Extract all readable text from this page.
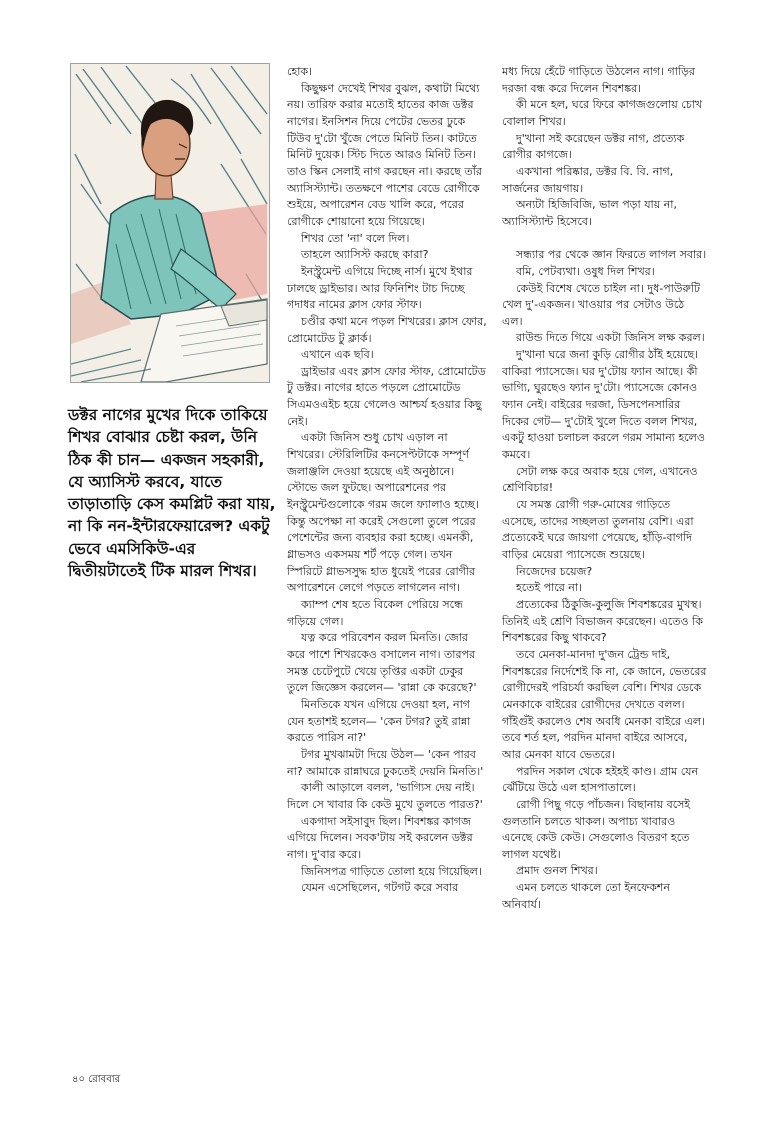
ডক্টর নাগের মুখের দিকে তাকিয়ে শিখর বোঝার চেষ্টা করল, উনি ঠিক কী চান— একজন সহকারী, যে অ্যাসিস্ট করবে, যাতে তাড়াতাড়ি কেস কমপ্লিট করা যায়, না কি নন-ইন্টারফেয়ারেন্স? একটু ভেবে এমসিকিউ-এর দ্বিতীয়টাতেই টিক মারল শিখর।

হোক।

কিছুক্ষণ দেখেই শিখর বুঝল, কথাটা মিথ্যে নয়। তারিফ করার মতোই হাতের কাজ ডক্টর নাগের। ইনসিশন দিয়ে পেটের ভেতর ঢুকে টিউব দু'টো খুঁজে পেতে মিনিট তিন। কাটতে মিনিট দুয়েক। স্টিচ দিতে আরও মিনিট তিন। তাও স্কিন সেলাই নাগ করছেন না। করছে তাঁর অ্যাসিস্ট্যান্ট। ততক্ষণে পাশের বেডে রোগীকে শুইয়ে, অপারেশন বেড খালি করে, পরের রোগীকে শোয়ানো হয়ে গিয়েছে।

শিখর তো 'না' বলে দিল।

তাহলে অ্যাসিস্ট করছে কারা?

ইনস্ট্রুমেন্ট এগিয়ে দিচ্ছে নার্স। মুখে ইথার ঢালছে ড্রাইভার। আর ফিনিশিং টাচ দিচ্ছে গদাধর নামের ক্লাস ফোর স্টাফ।

চণ্ডীর কথা মনে পড়ল শিখরের। ক্লাস ফোর, প্রোমোটেড টু ক্লার্ক।

এখানে এক ছবি।

ড্রাইভার এবং ক্লাস ফোর স্টাফ, প্রোমোটেড টু ডক্টর। নাগের হাতে পড়লে প্রোমোটেড সিএমওএইচ হয়ে গেলেও আশ্চর্য হওয়ার কিছু নেই।

একটা জিনিস শুধু চোখ এড়াল না শিখরের। স্টেরিলিটির কনসেপ্টটাকে সম্পূর্ণ জলাঞ্জলি দেওয়া হয়েছে এই অনুষ্ঠানে। স্টোভে জল ফুটছে। অপারেশনের পর ইনস্ট্রুমেন্টগুলোকে গরম জলে ফ্যালাও হচ্ছে। কিন্তু অপেক্ষা না করেই সেগুলো তুলে পরের পেশেন্টের জন্য ব্যবহার করা হচ্ছে। এমনকী, গ্লাভসও একসময় শর্ট পড়ে গেল। তখন স্পিরিটে গ্লাভসসুদ্ধ হাত ধুয়েই পরের রোগীর অপারেশনে লেগে পড়তে লাগলেন নাগ।

ক্যাম্প শেষ হতে বিকেল পেরিয়ে সন্ধে গড়িয়ে গেল।

যত্ন করে পরিবেশন করল মিনতি। জোর করে পাশে শিখরকেও বসালেন নাগ। তারপর সমস্ত চেটেপুটে খেয়ে তৃপ্তির একটা ঢেকুর তুলে জিজ্ঞেস করলেন— 'রান্না কে করেছে?'

মিনতিকে যখন এগিয়ে দেওয়া হল, নাগ যেন হতাশই হলেন— 'কেন টগর? তুই রান্না করতে পারিস না?'

টগর মুখঝামটা দিয়ে উঠল— 'কেন পারব না? আমাকে রান্নাঘরে ঢুকতেই দেয়নি মিনতি।'

কালী আড়ালে বলল, 'ভাগ্যিস দেয় নাই। দিলে সে খাবার কি কেউ মুখে তুলতে পারত?'

একগাদা সইসাবুদ ছিল। শিবশঙ্কর কাগজ এগিয়ে দিলেন। সবক'টায় সই করলেন ডক্টর নাগ। দু'বার করে।

জিনিসপত্র গাড়িতে তোলা হয়ে গিয়েছিল।

যেমন এসেছিলেন, গটগট করে সবার

মধ্য দিয়ে হেঁটে গাড়িতে উঠলেন নাগ। গাড়ির দরজা বন্ধ করে দিলেন শিবশঙ্কর।

কী মনে হল, ঘরে ফিরে কাগজগুলোয় চোখ বোলাল শিখর।

দু'খানা সই করেছেন ডক্টর নাগ, প্রত্যেক রোগীর কাগজে।

একখানা পরিষ্কার, ডক্টর বি. বি. নাগ, সার্জনের জায়গায়।

অন্যটা হিজিবিজি, ভাল পড়া যায় না, অ্যাসিস্ট্যান্ট হিসেবে।

সন্ধ্যার পর থেকে জ্ঞান ফিরতে লাগল সবার।

বমি, পেটব্যথা। ওষুধ দিল শিখর।

কেউই বিশেষ খেতে চাইল না। দুধ-পাউরুটি খেল দু'-একজন। খাওয়ার পর সেটাও উঠে এল।

রাউন্ড দিতে গিয়ে একটা জিনিস লক্ষ করল।

দু'খানা ঘরে জনা কুড়ি রোগীর ঠাঁই হয়েছে। বাকিরা প্যাসেজে। ঘর দু'টোয় ফ্যান আছে। কী ভাগ্যি, ঘুরছেও ফ্যান দু'টো। প্যাসেজে কোনও ফ্যান নেই। বাইরের দরজা, ডিসপেনসারির দিকের গেট— দু'টোই খুলে দিতে বলল শিখর, একটু হাওয়া চলাচল করলে গরম সামান্য হলেও কমবে।

সেটা লক্ষ করে অবাক হয়ে গেল, এখানেও শ্রেণিবিচার!

যে সমস্ত রোগী গরু-মোষের গাড়িতে এসেছে, তাদের সচ্ছলতা তুলনায় বেশি। এরা প্রত্যেকেই ঘরে জায়গা পেয়েছে, হাঁড়ি-বাগদি বাড়ির মেয়েরা প্যাসেজে শুয়েছে।

নিজেদের চয়েজ?

হতেই পারে না।

প্রত্যেকের ঠিকুজি-কুলুজি শিবশঙ্করের মুখস্থ। তিনিই এই শ্রেণি বিভাজন করেছেন। এতেও কি শিবশঙ্করের কিছু থাকবে?

তবে মেনকা-মানদা দু'জন ট্রেন্ড দাই, শিবশঙ্করের নির্দেশেই কি না, কে জানে, ভেতরের রোগীদেরই পরিচর্যা করছিল বেশি। শিখর ডেকে মেনকাকে বাইরের রোগীদের দেখতে বলল। গাঁইগুঁই করলেও শেষ অবধি মেনকা বাইরে এল। তবে শর্ত হল, পরদিন মানদা বাইরে আসবে, আর মেনকা যাবে ভেতরে।

পরদিন সকাল থেকে হইহই কাণ্ড। গ্রাম যেন ঝেঁটিয়ে উঠে এল হাসপাতালে।

রোগী পিছু গড়ে পাঁচজন। বিছানায় বসেই গুলতানি চলতে থাকল। অপাচ্য খাবারও এনেছে কেউ কেউ। সেগুলোও বিতরণ হতে লাগল যথেষ্ট।

প্রমাদ গুনল শিখর।

এমন চলতে থাকলে তো ইনফেকশন অনিবার্য।

৪০ রোববার
